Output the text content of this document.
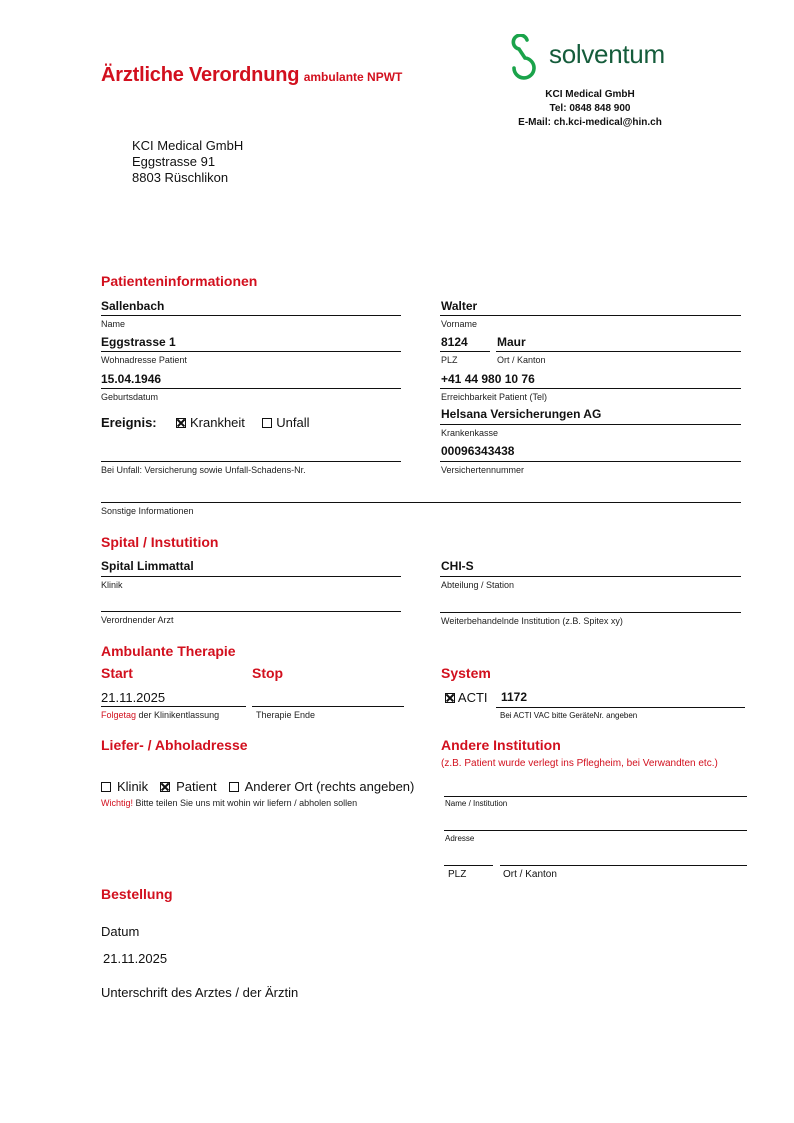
Ärztliche Verordnung ambulante NPWT
solventum
KCI Medical GmbH
Tel: 0848 848 900
E-Mail: ch.kci-medical@hin.ch
KCI Medical GmbH
Eggstrasse 91
8803 Rüschlikon
Patienteninformationen
Sallenbach
Name
Walter
Vorname
Eggstrasse 1
Wohnadresse Patient
8124
PLZ
Maur
Ort / Kanton
15.04.1946
Geburtsdatum
+41 44 980 10 76
Erreichbarkeit Patient (Tel)
Ereignis:	Krankheit Unfall
Helsana Versicherungen AG
Krankenkasse
Bei Unfall: Versicherung sowie Unfall-Schadens-Nr.
00096343438
Versichertennummer
Sonstige Informationen
Spital / Instutition
Spital Limmattal
Klinik
CHI-S
Abteilung / Station
Verordnender Arzt	Weiterbehandelnde Institution (z.B. Spitex xy)
Ambulante Therapie
Start	Stop	System
21.11.2025
Folgetag der Klinikentlassung	Therapie Ende
ACTI 1172
Bei ACTI VAC bitte GeräteNr. angeben
Liefer- / Abholadresse
Klinik Patient Anderer Ort (rechts angeben)
Wichtig! Bitte teilen Sie uns mit wohin wir liefern / abholen sollen
Andere Institution
(z.B. Patient wurde verlegt ins Pflegheim, bei Verwandten etc.)
Name / Institution
Adresse
PLZ	Ort / Kanton
Bestellung
Datum
21.11.2025
Unterschrift des Arztes / der Ärztin
